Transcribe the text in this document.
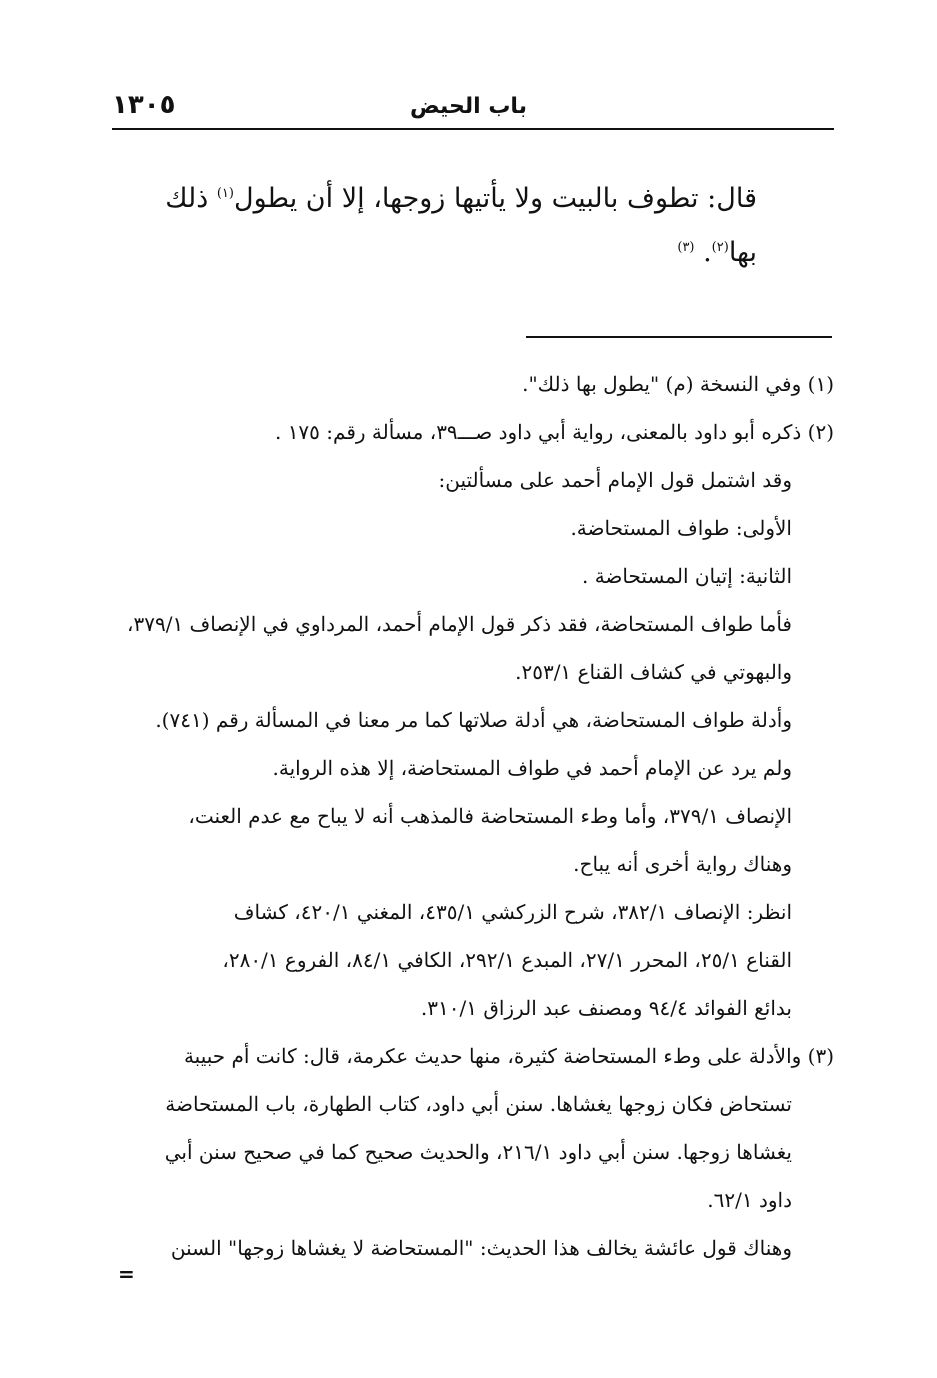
باب الحيض
١٣٠٥

قال: تطوف بالبيت ولا يأتيها زوجها، إلا أن يطول$^{(١)}$ ذلك

بها$^{(٢)}$. $^{(٣)}$

(١) وفي النسخة (م) "يطول بها ذلك".
(٢) ذكره أبو داود بالمعنى، رواية أبي داود صـــ٣٩، مسألة رقم: ١٧٥ .
وقد اشتمل قول الإمام أحمد على مسألتين:
الأولى: طواف المستحاضة.
الثانية: إتيان المستحاضة .
فأما طواف المستحاضة، فقد ذكر قول الإمام أحمد، المرداوي في الإنصاف ٣٧٩/١،
والبهوتي في كشاف القناع ٢٥٣/١.
وأدلة طواف المستحاضة، هي أدلة صلاتها كما مر معنا في المسألة رقم (٧٤١).
ولم يرد عن الإمام أحمد في طواف المستحاضة، إلا هذه الرواية.
الإنصاف ٣٧٩/١، وأما وطء المستحاضة فالمذهب أنه لا يباح مع عدم العنت،
وهناك رواية أخرى أنه يباح.
انظر: الإنصاف ٣٨٢/١، شرح الزركشي ٤٣٥/١، المغني ٤٢٠/١، كشاف
القناع ٢٥/١، المحرر ٢٧/١، المبدع ٢٩٢/١، الكافي ٨٤/١، الفروع ٢٨٠/١،
بدائع الفوائد ٩٤/٤ ومصنف عبد الرزاق ٣١٠/١.
(٣) والأدلة على وطء المستحاضة كثيرة، منها حديث عكرمة، قال: كانت أم حبيبة
تستحاض فكان زوجها يغشاها. سنن أبي داود، كتاب الطهارة، باب المستحاضة
يغشاها زوجها. سنن أبي داود ٢١٦/١، والحديث صحيح كما في صحيح سنن أبي
داود ٦٢/١.
وهناك قول عائشة يخالف هذا الحديث: "المستحاضة لا يغشاها زوجها" السنن
=
